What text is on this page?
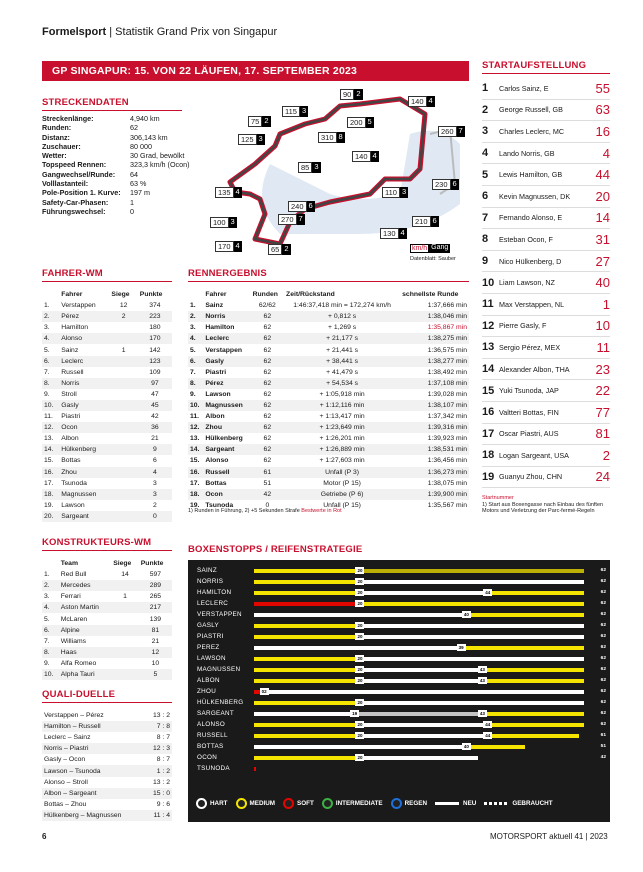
Formelsport | Statistik Grand Prix von Singapur
GP SINGAPUR: 15. VON 22 LÄUFEN, 17. SEPTEMBER 2023
STRECKENDATEN
Streckenlänge:	4,940 km
Runden:	62
Distanz:	306,143 km
Zuschauer:	80 000
Wetter:	30 Grad, bewölkt
Topspeed Rennen:	323,3 km/h (Ocon)
Gangwechsel/Runde: 64
Volllastanteil:	63 %
Pole-Position 1. Kurve: 197 m
Safety-Car-Phasen:	1
Führungswechsel:	0
90 2
140 4
115 3
75 2	200 5
260 7
125 3	310 8
140 4
85 3
110 3
230 6
135 4
240 6
210 6
100 3	270 7
130 4
170 4	65 2	km/h Gang
Datenblatt: Sauber
FAHRER-WM
	Fahrer	Siege	Punkte
1.	Verstappen	12	374
2.	Pérez	2	223
3.	Hamilton		180
4.	Alonso		170
5.	Sainz	1	142
6.	Leclerc		123
7.	Russell		109
8.	Norris		97
9.	Stroll		47
10.	Gasly		45
11.	Piastri		42
12.	Ocon		36
13.	Albon		21
14.	Hülkenberg		9
15.	Bottas		6
16.	Zhou		4
17.	Tsunoda		3
18.	Magnussen		3
19.	Lawson		2
20.	Sargeant		0
RENNERGEBNIS
	Fahrer	Runden	Zeit/Rückstand	schnellste Runde
1.	Sainz	62/62	1:46:37,418 min = 172,274 km/h	1:37,666 min
2.	Norris	62	+ 0,812 s	1:38,046 min
3.	Hamilton	62	+ 1,269 s	1:35,867 min
4.	Leclerc	62	+ 21,177 s	1:38,275 min
5.	Verstappen	62	+ 21,441 s	1:36,575 min
6.	Gasly	62	+ 38,441 s	1:38,277 min
7.	Piastri	62	+ 41,479 s	1:38,492 min
8.	Pérez	62	+ 54,534 s	1:37,108 min
9.	Lawson	62	+ 1:05,918 min	1:39,028 min
10.	Magnussen	62	+ 1:12,116 min	1:38,107 min
11.	Albon	62	+ 1:13,417 min	1:37,342 min
12.	Zhou	62	+ 1:23,649 min	1:39,316 min
13.	Hülkenberg	62	+ 1:26,201 min	1:39,923 min
14.	Sargeant	62	+ 1:26,889 min	1:38,531 min
15.	Alonso	62	+ 1:27,603 min	1:36,456 min
16.	Russell	61	Unfall (P 3)	1:36,273 min
17.	Bottas	51	Motor (P 15)	1:38,075 min
18.	Ocon	42	Getriebe (P 6)	1:39,900 min
19.	Tsunoda	0	Unfall (P 15)	1:35,567 min
1) Runden in Führung, 2) +5 Sekunden Strafe Bestwerte in Rot
STARTAUFSTELLUNG
1	Carlos Sainz, E	55
2	George Russell, GB	63
3	Charles Leclerc, MC	16
4	Lando Norris, GB	4
5	Lewis Hamilton, GB	44
6	Kevin Magnussen, DK	20
7	Fernando Alonso, E	14
8	Esteban Ocon, F	31
9	Nico Hülkenberg, D	27
10 Liam Lawson, NZ	40
11 Max Verstappen, NL	1
12 Pierre Gasly, F	10
13 Sergio Pérez, MEX	11
14 Alexander Albon, THA	23
15 Yuki Tsunoda, JAP	22
16 Valtteri Bottas, FIN	77
17 Oscar Piastri, AUS	81
18 Logan Sargeant, USA	2
19 Guanyu Zhou, CHN	24
Startnummer
1) Start aus Boxengasse nach Einbau des fünften Motors und Verletzung der Parc-fermé-Regeln
KONSTRUKTEURS-WM
	Team	Siege	Punkte
1.	Red Bull	14	597
2.	Mercedes		289
3.	Ferrari	1	265
4.	Aston Martin		217
5.	McLaren		139
6.	Alpine		81
7.	Williams		21
8.	Haas		12
9.	Alfa Romeo		10
10.	Alpha Tauri		5
QUALI-DUELLE
Verstappen – Pérez	13 : 2
Hamilton – Russell	7 : 8
Leclerc – Sainz	8 : 7
Norris – Piastri	12 : 3
Gasly – Ocon	8 : 7
Lawson – Tsunoda	1 : 2
Alonso – Stroll	13 : 2
Albon – Sargeant	15 : 0
Bottas – Zhou	9 : 6
Hülkenberg – Magnussen	11 : 4
BOXENSTOPPS / REIFENSTRATEGIE
SAINZ	20	62
NORRIS	20	62
HAMILTON	20	44	62
LECLERC	20	62
VERSTAPPEN	40	62
GASLY	20	62
PIASTRI	20	62
PEREZ	39	62
LAWSON	20	62
MAGNUSSEN	20	43	62
ALBON	20	43	62
ZHOU	02	62
HÜLKENBERG	20	62
SARGEANT	19	43	62
ALONSO	20	44	62
RUSSELL	20	44	61
BOTTAS	40	51
OCON	20	42
TSUNODA
HART	MEDIUM	SOFT	INTERMEDIATE	REGEN	NEU	GEBRAUCHT
6	MOTORSPORT aktuell 41 | 2023
